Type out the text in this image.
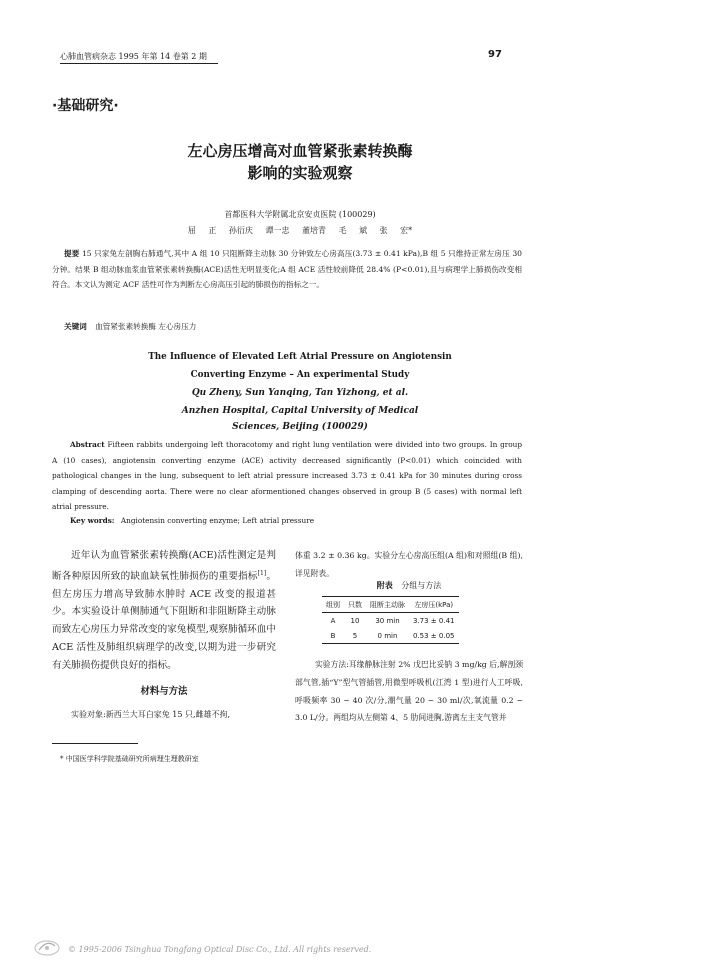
心肺血管病杂志 1995 年第 14 卷第 2 期	97
·基础研究·
左心房压增高对血管紧张素转换酶
影响的实验观察
首都医科大学附属北京安贞医院 (100029)
屈 正 孙衍庆 谭一忠 董培青 毛 斌 张 宏*
提要 15 只家兔左剖胸右肺通气,其中 A 组 10 只阻断降主动脉 30 分钟致左心房高压(3.73 ± 0.41 kPa),B 组 5 只维持正常左房压 30 分钟。结果 B 组动脉血浆血管紧张素转换酶(ACE)活性无明显变化;A 组 ACE 活性较前降低 28.4% (P<0.01),且与病理学上肺损伤改变相符合。本文认为测定 ACF 活性可作为判断左心房高压引起的肺损伤的指标之一。
关键词 血管紧张素转换酶 左心房压力
The Influence of Elevated Left Atrial Pressure on Angiotensin
Converting Enzyme – An experimental Study
Qu Zheny, Sun Yanqing, Tan Yizhong, et al.
Anzhen Hospital, Capital University of Medical
Sciences, Beijing (100029)
Abstract Fifteen rabbits undergoing left thoracotomy and right lung ventilation were divided into two groups. In group A (10 cases), angiotensin converting enzyme (ACE) activity decreased significantly (P<0.01) which coincided with pathological changes in the lung, subsequent to left atrial pressure increased 3.73 ± 0.41 kPa for 30 minutes during cross clamping of descending aorta. There were no clear aformentioned changes observed in group B (5 cases) with normal left atrial pressure.
Key words: Angiotensin converting enzyme; Left atrial pressure

近年认为血管紧张素转换酶(ACE)活性测定是判断各种原因所致的缺血缺氧性肺损伤的重要指标[1]。但左房压力增高导致肺水肿时 ACE 改变的报道甚少。本实验设计单侧肺通气下阻断和非阻断降主动脉而致左心房压力异常改变的家兔模型,观察肺循环血中 ACE 活性及肺组织病理学的改变,以期为进一步研究有关肺损伤提供良好的指标。

材料与方法

实验对象:新西兰大耳白家兔 15 只,雌雄不拘,

体重 3.2 ± 0.36 kg。实验分左心房高压组(A 组)和对照组(B 组),详见附表。

附表 分组与方法
组别	只数	阻断主动脉	左房压(kPa)
A	10	30 min	3.73 ± 0.41
B	5	0 min	0.53 ± 0.05

实验方法:耳缘静脉注射 2% 戊巴比妥钠 3 mg/kg 后,解剖颈部气管,插“Y”型气管插管,用微型呼吸机(江湾 1 型)进行人工呼吸,呼吸频率 30 ~ 40 次/分,潮气量 20 ~ 30 ml/次,氧流量 0.2 ~ 3.0 L/分。两组均从左侧第 4、5 肋间进胸,游离左主支气管并

* 中国医学科学院基础研究所病理生理教研室
© 1995-2006 Tsinghua Tongfang Optical Disc Co., Ltd. All rights reserved.
